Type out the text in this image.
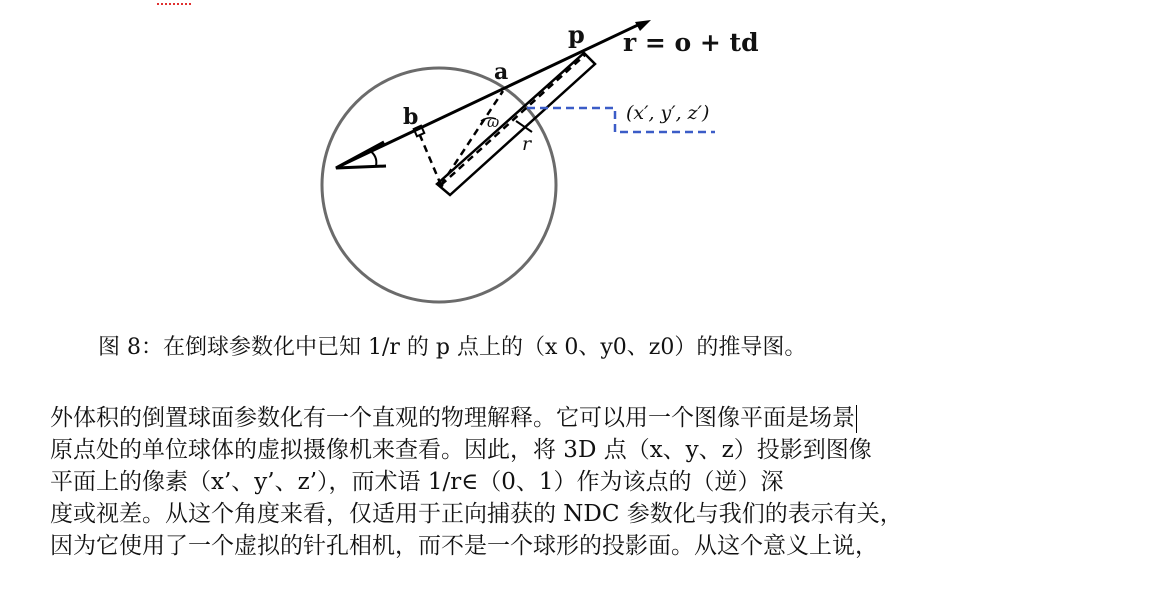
p r = o + td
a
b	ω
r
(x′, y′, z′)
图 8：在倒球参数化中已知 1/r 的 p 点上的（x 0、y0、z0）的推导图。
外体积的倒置球面参数化有一个直观的物理解释。它可以用一个图像平面是场景
原点处的单位球体的虚拟摄像机来查看。因此，将 3D 点（x、y、z）投影到图像
平面上的像素（x’、y’、z’），而术语 1/r∈（0、1）作为该点的（逆）深
度或视差。从这个角度来看，仅适用于正向捕获的 NDC 参数化与我们的表示有关，
因为它使用了一个虚拟的针孔相机，而不是一个球形的投影面。从这个意义上说，
